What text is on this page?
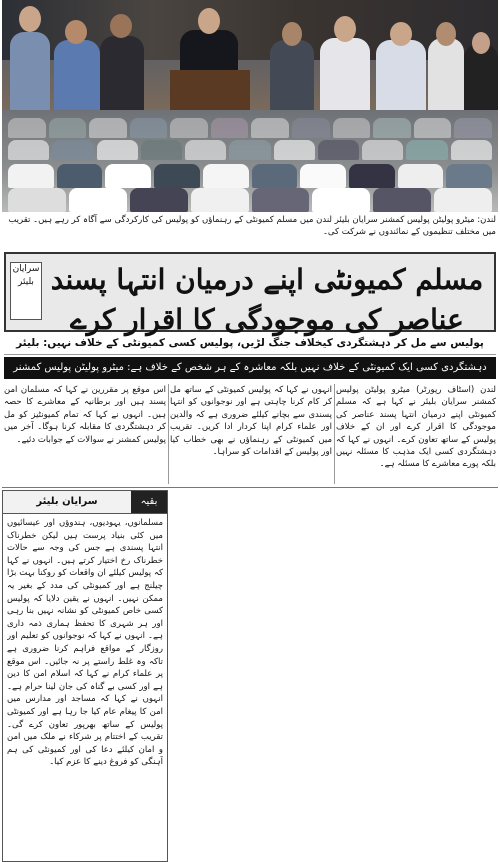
لندن: میٹرو پولیٹن پولیس کمشنر سرایان بلیئر لندن میں مسلم کمیونٹی کے رہنماؤں کو پولیس کی کارکردگی سے آگاہ کر رہے ہیں۔ تقریب میں مختلف تنظیموں کے نمائندوں نے شرکت کی۔
مسلم کمیونٹی اپنے درمیان انتہا پسند عناصر کی موجودگی کا اقرار کرے
سرایان بلیئر
پولیس سے مل کر دہشتگردی کیخلاف جنگ لڑیں، پولیس کسی کمیونٹی کے خلاف نہیں: بلیئر
دہشتگردی کسی ایک کمیونٹی کے خلاف نہیں بلکہ معاشرہ کے ہر شخص کے خلاف ہے: میٹرو پولیٹن پولیس کمشنر
لندن (اسٹاف رپورٹر) میٹرو پولیٹن پولیس کمشنر سرایان بلیئر نے کہا ہے کہ مسلم کمیونٹی اپنے درمیان انتہا پسند عناصر کی موجودگی کا اقرار کرے اور ان کے خلاف پولیس کے ساتھ تعاون کرے۔ انہوں نے کہا کہ دہشتگردی کسی ایک مذہب کا مسئلہ نہیں بلکہ پورے معاشرے کا مسئلہ ہے۔
انہوں نے کہا کہ پولیس کمیونٹی کے ساتھ مل کر کام کرنا چاہتی ہے اور نوجوانوں کو انتہا پسندی سے بچانے کیلئے ضروری ہے کہ والدین اور علماء کرام اپنا کردار ادا کریں۔ تقریب میں کمیونٹی کے رہنماؤں نے بھی خطاب کیا اور پولیس کے اقدامات کو سراہا۔
اس موقع پر مقررین نے کہا کہ مسلمان امن پسند ہیں اور برطانیہ کے معاشرے کا حصہ ہیں۔ انہوں نے کہا کہ تمام کمیونٹیز کو مل کر دہشتگردی کا مقابلہ کرنا ہوگا۔ آخر میں پولیس کمشنر نے سوالات کے جوابات دئیے۔
بقیہ
سرایان بلیئر
مسلمانوں، یہودیوں، ہندوؤں اور عیسائیوں میں کئی بنیاد پرست ہیں لیکن خطرناک انتہا پسندی ہے جس کی وجہ سے حالات خطرناک رخ اختیار کرتے ہیں۔ انہوں نے کہا کہ پولیس کیلئے ان واقعات کو روکنا بہت بڑا چیلنج ہے اور کمیونٹی کی مدد کے بغیر یہ ممکن نہیں۔ انہوں نے یقین دلایا کہ پولیس کسی خاص کمیونٹی کو نشانہ نہیں بنا رہی اور ہر شہری کا تحفظ ہماری ذمہ داری ہے۔ انہوں نے کہا کہ نوجوانوں کو تعلیم اور روزگار کے مواقع فراہم کرنا ضروری ہے تاکہ وہ غلط راستے پر نہ جائیں۔ اس موقع پر علماء کرام نے کہا کہ اسلام امن کا دین ہے اور کسی بے گناہ کی جان لینا حرام ہے۔ انہوں نے کہا کہ مساجد اور مدارس میں امن کا پیغام عام کیا جا رہا ہے اور کمیونٹی پولیس کے ساتھ بھرپور تعاون کرے گی۔ تقریب کے اختتام پر شرکاء نے ملک میں امن و امان کیلئے دعا کی اور کمیونٹی کی ہم آہنگی کو فروغ دینے کا عزم کیا۔
